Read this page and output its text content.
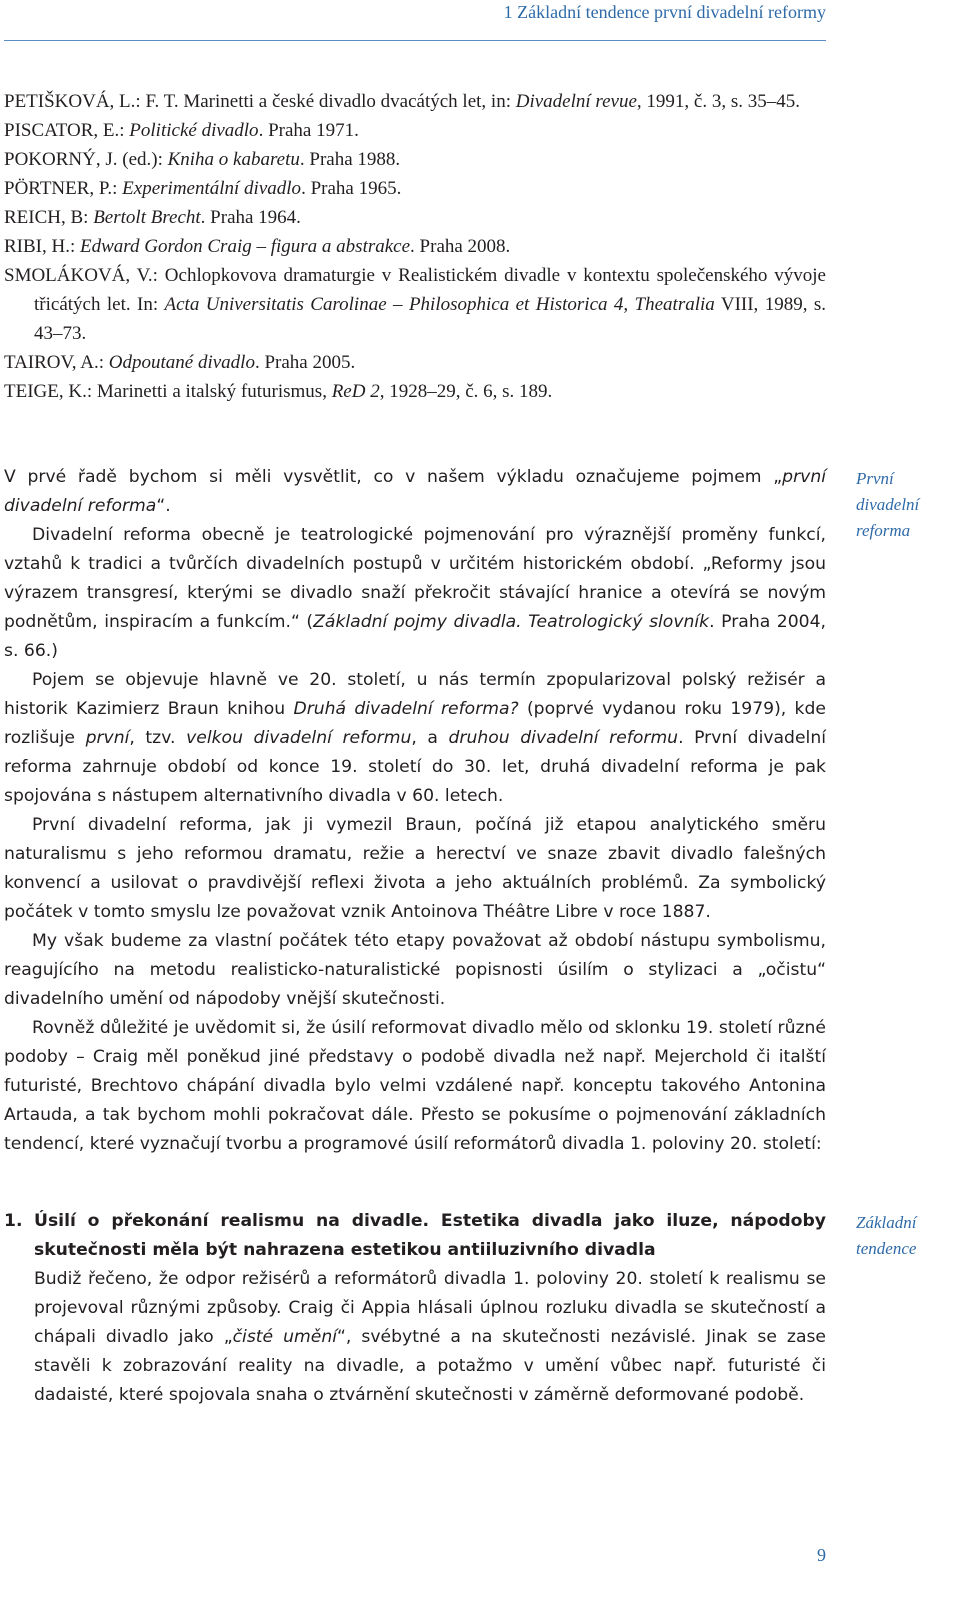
1 Základní tendence první divadelní reformy

PETIŠKOVÁ, L.: F. T. Marinetti a české divadlo dvacátých let, in: Divadelní revue, 1991, č. 3, s. 35–45.

PISCATOR, E.: Politické divadlo. Praha 1971.

POKORNÝ, J. (ed.): Kniha o kabaretu. Praha 1988.

PÖRTNER, P.: Experimentální divadlo. Praha 1965.

REICH, B: Bertolt Brecht. Praha 1964.

RIBI, H.: Edward Gordon Craig – figura a abstrakce. Praha 2008.

SMOLÁKOVÁ, V.: Ochlopkovova dramaturgie v Realistickém divadle v kontextu společenského vývoje třicátých let. In: Acta Universitatis Carolinae – Philosophica et Historica 4, Theatralia VIII, 1989, s. 43–73.

TAIROV, A.: Odpoutané divadlo. Praha 2005.

TEIGE, K.: Marinetti a italský futurismus, ReD 2, 1928–29, č. 6, s. 189.

První divadelní reforma

V prvé řadě bychom si měli vysvětlit, co v našem výkladu označujeme pojmem „první divadelní reforma“.

Divadelní reforma obecně je teatrologické pojmenování pro výraznější proměny funkcí, vztahů k tradici a tvůrčích divadelních postupů v určitém historickém období. „Reformy jsou výrazem transgresí, kterými se divadlo snaží překročit stávající hranice a otevírá se novým podnětům, inspiracím a funkcím.“ (Základní pojmy divadla. Teatrologický slovník. Praha 2004, s. 66.)

Pojem se objevuje hlavně ve 20. století, u nás termín zpopularizoval polský režisér a historik Kazimierz Braun knihou Druhá divadelní reforma? (poprvé vydanou roku 1979), kde rozlišuje první, tzv. velkou divadelní reformu, a druhou divadelní reformu. První divadelní reforma zahrnuje období od konce 19. století do 30. let, druhá divadelní reforma je pak spojována s nástupem alternativního divadla v 60. letech.

První divadelní reforma, jak ji vymezil Braun, počíná již etapou analytického směru naturalismu s jeho reformou dramatu, režie a herectví ve snaze zbavit divadlo falešných konvencí a usilovat o pravdivější reflexi života a jeho aktuálních problémů. Za symbolický počátek v tomto smyslu lze považovat vznik Antoinova Théâtre Libre v roce 1887.

My však budeme za vlastní počátek této etapy považovat až období nástupu symbolismu, reagujícího na metodu realisticko-naturalistické popisnosti úsilím o stylizaci a „očistu“ divadelního umění od nápodoby vnější skutečnosti.

Rovněž důležité je uvědomit si, že úsilí reformovat divadlo mělo od sklonku 19. století různé podoby – Craig měl poněkud jiné představy o podobě divadla než např. Mejerchold či italští futuristé, Brechtovo chápání divadla bylo velmi vzdálené např. konceptu takového Antonina Artauda, a tak bychom mohli pokračovat dále. Přesto se pokusíme o pojmenování základních tendencí, které vyznačují tvorbu a programové úsilí reformátorů divadla 1. poloviny 20. století:

Základní tendence
1. Úsilí o překonání realismu na divadle. Estetika divadla jako iluze, nápodoby skutečnosti měla být nahrazena estetikou antiiluzivního divadla

Budiž řečeno, že odpor režisérů a reformátorů divadla 1. poloviny 20. století k realismu se projevoval různými způsoby. Craig či Appia hlásali úplnou rozluku divadla se skutečností a chápali divadlo jako „čisté umění“, svébytné a na skutečnosti nezávislé. Jinak se zase stavěli k zobrazování reality na divadle, a potažmo v umění vůbec např. futuristé či dadaisté, které spojovala snaha o ztvárnění skutečnosti v záměrně deformované podobě.

9
